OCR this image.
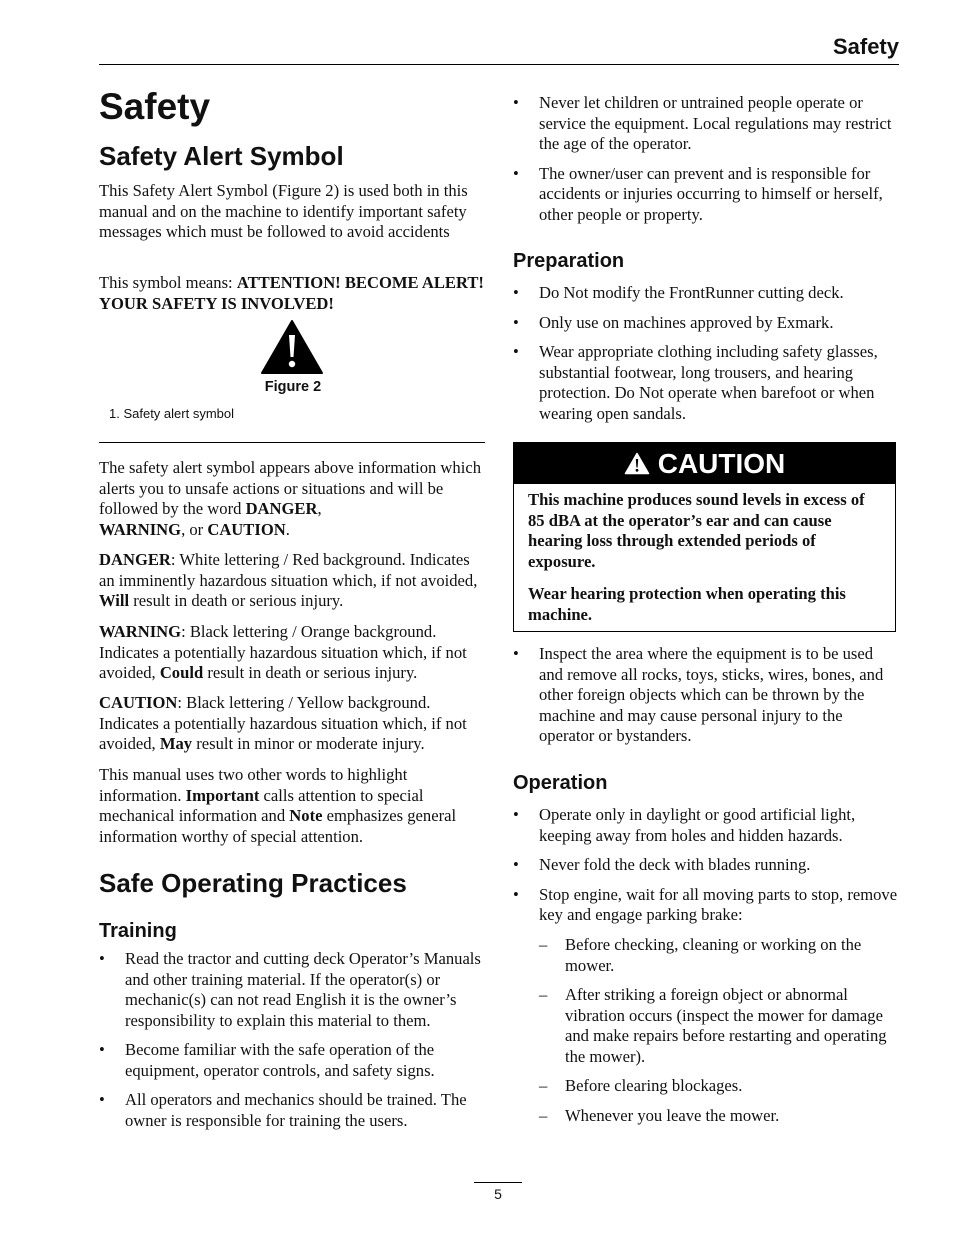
Safety
Safety
Safety Alert Symbol

This Safety Alert Symbol (Figure 2) is used both in this manual and on the machine to identify important safety messages which must be followed to avoid accidents

This symbol means: ATTENTION! BECOME ALERT! YOUR SAFETY IS INVOLVED!

Figure 2
1. Safety alert symbol

The safety alert symbol appears above information which alerts you to unsafe actions or situations and will be followed by the word DANGER,
WARNING, or CAUTION.

DANGER: White lettering / Red background. Indicates an imminently hazardous situation which, if not avoided, Will result in death or serious injury.

WARNING: Black lettering / Orange background. Indicates a potentially hazardous situation which, if not avoided, Could result in death or serious injury.

CAUTION: Black lettering / Yellow background. Indicates a potentially hazardous situation which, if not avoided, May result in minor or moderate injury.

This manual uses two other words to highlight information. Important calls attention to special mechanical information and Note emphasizes general information worthy of special attention.

Safe Operating Practices
Training
• Read the tractor and cutting deck Operator’s Manuals and other training material. If the operator(s) or mechanic(s) can not read English it is the owner’s responsibility to explain this material to them.
• Become familiar with the safe operation of the equipment, operator controls, and safety signs.
• All operators and mechanics should be trained. The owner is responsible for training the users.
• Never let children or untrained people operate or service the equipment. Local regulations may restrict the age of the operator.
• The owner/user can prevent and is responsible for accidents or injuries occurring to himself or herself, other people or property.
Preparation
• Do Not modify the FrontRunner cutting deck.
• Only use on machines approved by Exmark.
• Wear appropriate clothing including safety glasses, substantial footwear, long trousers, and hearing protection. Do Not operate when barefoot or when wearing open sandals.
CAUTION

This machine produces sound levels in excess of 85 dBA at the operator’s ear and can cause hearing loss through extended periods of exposure.

Wear hearing protection when operating this machine.

• Inspect the area where the equipment is to be used and remove all rocks, toys, sticks, wires, bones, and other foreign objects which can be thrown by the machine and may cause personal injury to the operator or bystanders.
Operation
• Operate only in daylight or good artificial light, keeping away from holes and hidden hazards.
• Never fold the deck with blades running.
• Stop engine, wait for all moving parts to stop, remove key and engage parking brake:
– Before checking, cleaning or working on the mower.
– After striking a foreign object or abnormal vibration occurs (inspect the mower for damage and make repairs before restarting and operating the mower).
– Before clearing blockages.
– Whenever you leave the mower.
5
